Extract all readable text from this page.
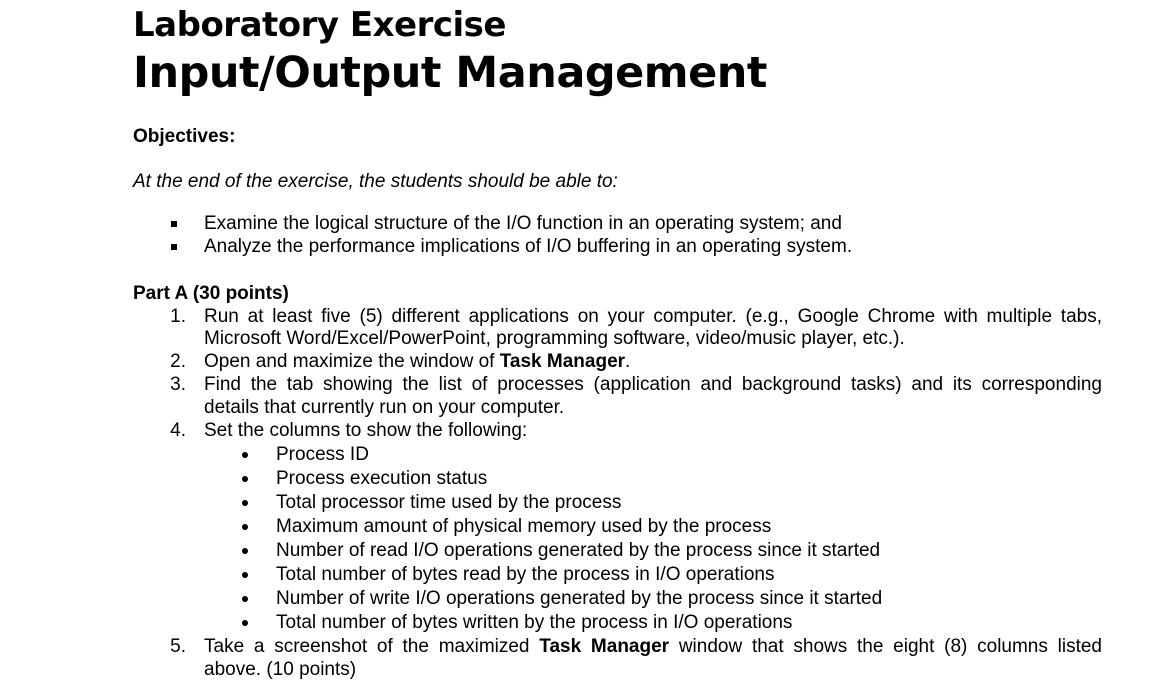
Laboratory Exercise
Input/Output Management
Objectives:
At the end of the exercise, the students should be able to:
Examine the logical structure of the I/O function in an operating system; and
Analyze the performance implications of I/O buffering in an operating system.
Part A (30 points)
1. Run at least five (5) different applications on your computer. (e.g., Google Chrome with multiple tabs,
Microsoft Word/Excel/PowerPoint, programming software, video/music player, etc.).
2. Open and maximize the window of Task Manager.
3. Find the tab showing the list of processes (application and background tasks) and its corresponding
details that currently run on your computer.
4. Set the columns to show the following:
Process ID
Process execution status
Total processor time used by the process
Maximum amount of physical memory used by the process
Number of read I/O operations generated by the process since it started
Total number of bytes read by the process in I/O operations
Number of write I/O operations generated by the process since it started
Total number of bytes written by the process in I/O operations
5. Take a screenshot of the maximized Task Manager window that shows the eight (8) columns listed
above. (10 points)
